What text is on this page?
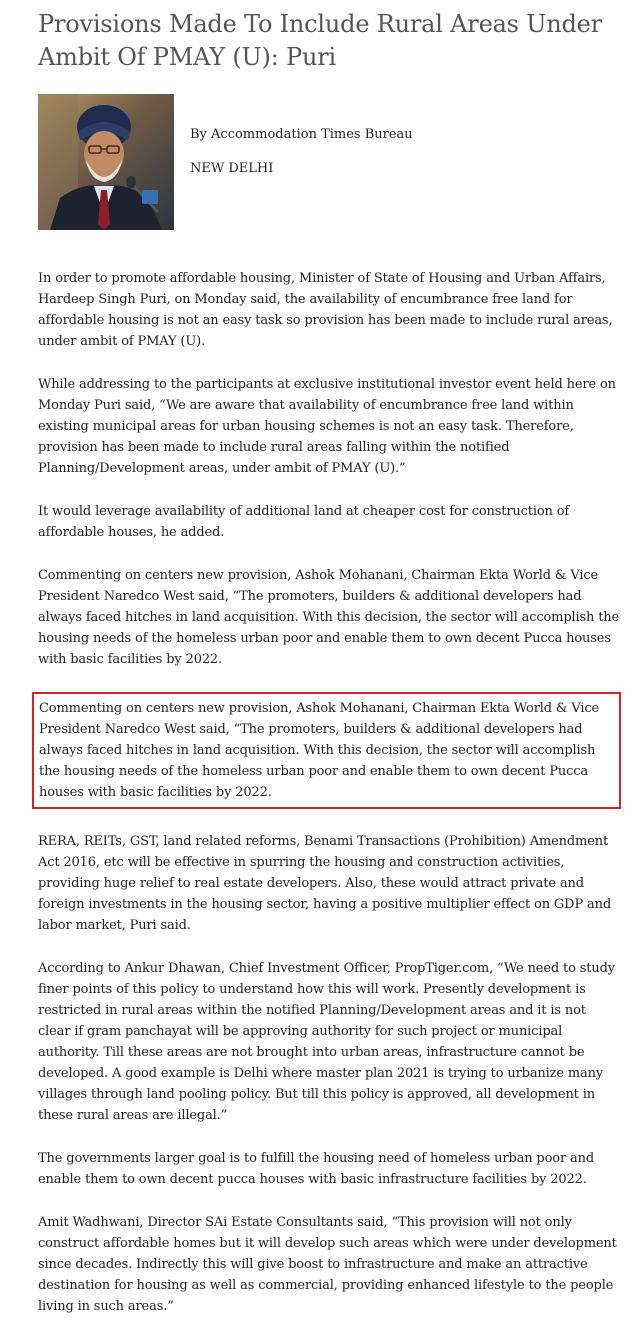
Provisions Made To Include Rural Areas Under Ambit Of PMAY (U): Puri
By Accommodation Times Bureau
NEW DELHI

In order to promote affordable housing, Minister of State of Housing and Urban Affairs, Hardeep Singh Puri, on Monday said, the availability of encumbrance free land for affordable housing is not an easy task so provision has been made to include rural areas, under ambit of PMAY (U).

While addressing to the participants at exclusive institutional investor event held here on Monday Puri said, “We are aware that availability of encumbrance free land within existing municipal areas for urban housing schemes is not an easy task. Therefore, provision has been made to include rural areas falling within the notified Planning/Development areas, under ambit of PMAY (U).”

It would leverage availability of additional land at cheaper cost for construction of affordable houses, he added.

Commenting on centers new provision, Ashok Mohanani, Chairman Ekta World & Vice President Naredco West said, “The promoters, builders & additional developers had always faced hitches in land acquisition. With this decision, the sector will accomplish the housing needs of the homeless urban poor and enable them to own decent Pucca houses with basic facilities by 2022.

Commenting on centers new provision, Ashok Mohanani, Chairman Ekta World & Vice President Naredco West said, “The promoters, builders & additional developers had always faced hitches in land acquisition. With this decision, the sector will accomplish the housing needs of the homeless urban poor and enable them to own decent Pucca houses with basic facilities by 2022.

RERA, REITs, GST, land related reforms, Benami Transactions (Prohibition) Amendment Act 2016, etc will be effective in spurring the housing and construction activities, providing huge relief to real estate developers. Also, these would attract private and foreign investments in the housing sector, having a positive multiplier effect on GDP and labor market, Puri said.

According to Ankur Dhawan, Chief Investment Officer, PropTiger.com, “We need to study finer points of this policy to understand how this will work. Presently development is restricted in rural areas within the notified Planning/Development areas and it is not clear if gram panchayat will be approving authority for such project or municipal authority. Till these areas are not brought into urban areas, infrastructure cannot be developed. A good example is Delhi where master plan 2021 is trying to urbanize many villages through land pooling policy. But till this policy is approved, all development in these rural areas are illegal.”

The governments larger goal is to fulfill the housing need of homeless urban poor and enable them to own decent pucca houses with basic infrastructure facilities by 2022.

Amit Wadhwani, Director SAi Estate Consultants said, “This provision will not only construct affordable homes but it will develop such areas which were under development since decades. Indirectly this will give boost to infrastructure and make an attractive destination for housing as well as commercial, providing enhanced lifestyle to the people living in such areas.”
